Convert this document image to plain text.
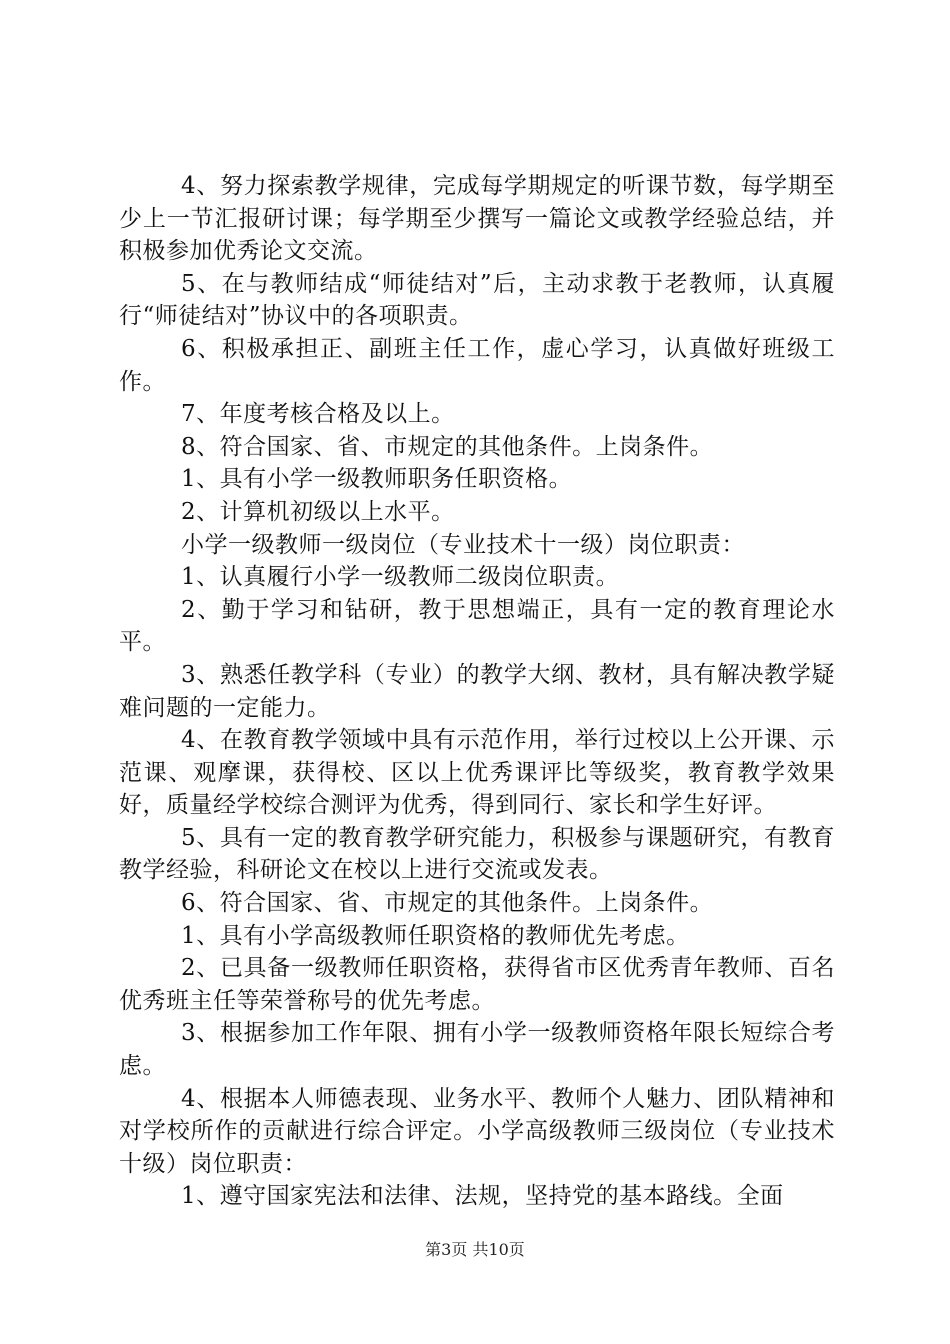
4、努力探索教学规律，完成每学期规定的听课节数，每学期至少上一节汇报研讨课；每学期至少撰写一篇论文或教学经验总结，并积极参加优秀论文交流。

5、在与教师结成“师徒结对”后，主动求教于老教师，认真履行“师徒结对”协议中的各项职责。

6、积极承担正、副班主任工作，虚心学习，认真做好班级工作。

7、年度考核合格及以上。

8、符合国家、省、市规定的其他条件。上岗条件。

1、具有小学一级教师职务任职资格。

2、计算机初级以上水平。

小学一级教师一级岗位（专业技术十一级）岗位职责：

1、认真履行小学一级教师二级岗位职责。

2、勤于学习和钻研，教于思想端正，具有一定的教育理论水平。

3、熟悉任教学科（专业）的教学大纲、教材，具有解决教学疑难问题的一定能力。

4、在教育教学领域中具有示范作用，举行过校以上公开课、示范课、观摩课，获得校、区以上优秀课评比等级奖，教育教学效果好，质量经学校综合测评为优秀，得到同行、家长和学生好评。

5、具有一定的教育教学研究能力，积极参与课题研究，有教育教学经验，科研论文在校以上进行交流或发表。

6、符合国家、省、市规定的其他条件。上岗条件。

1、具有小学高级教师任职资格的教师优先考虑。

2、已具备一级教师任职资格，获得省市区优秀青年教师、百名优秀班主任等荣誉称号的优先考虑。

3、根据参加工作年限、拥有小学一级教师资格年限长短综合考虑。

4、根据本人师德表现、业务水平、教师个人魅力、团队精神和对学校所作的贡献进行综合评定。小学高级教师三级岗位（专业技术十级）岗位职责：

1、遵守国家宪法和法律、法规，坚持党的基本路线。全面

第3页 共10页
